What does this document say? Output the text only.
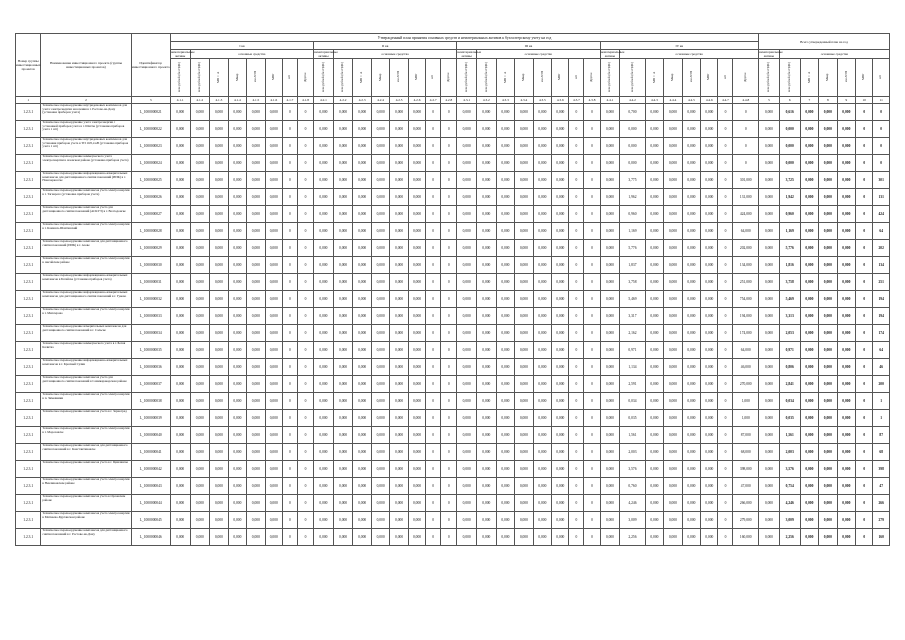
Номер группы инвестиционных проектов	Наименование инвестиционного проекта (группы инвестиционных проектов)	Идентификатор инвестиционного проекта	Утвержденный план принятия основных средств и нематериальных активов к бухгалтерскому учету на год																																Всего утвержденный план на год						
			I кв								II кв								III кв								IV кв														
			нематериальные активы	основные средства							нематериальные активы	основные средства							нематериальные активы	основные средства							нематериальные активы	основные средства							нематериальные активы	основные средства					
			млн рублей (без НДС)	млн рублей (без НДС)	МВ×А	Мвар	км ЛЭП	МВт	шт	Другое	млн рублей (без НДС)	млн рублей (без НДС)	МВ×А	Мвар	км ЛЭП	МВт	шт	Другое	млн рублей (без НДС)	млн рублей (без НДС)	МВ×А	Мвар	км ЛЭП	МВт	шт	Другое	млн рублей (без НДС)	млн рублей (без НДС)	МВ×А	Мвар	км ЛЭП	МВт	шт	Другое	млн рублей (без НДС)	млн рублей (без НДС)	МВ×А	Мвар	км ЛЭП	МВт	шт
1	2	3	4.1.1	4.1.2	4.1.3	4.1.4	4.1.5	4.1.6	4.1.7	4.1.8	4.2.1	4.2.2	4.2.3	4.2.4	4.2.5	4.2.6	4.2.7	4.2.8	4.3.1	4.3.2	4.3.3	4.3.4	4.3.5	4.3.6	4.3.7	4.3.8	4.4.1	4.4.2	4.4.3	4.4.4	4.4.5	4.4.6	4.4.7	4.4.8	5	6	7	8	9	10	11
1.2.3.1	Техническое перевооружение внутридомовых комплексов для учета электроэнергии населения в г. Ростове-на-Дону (установка приборов учета)	L_1000000021	0,000	0,000	0,000	0,000	0,000	0,000	0	0	0,000	0,000	0,000	0,000	0,000	0,000	0	0	0,000	0,000	0,000	0,000	0,000	0,000	0	0	0,000	0,700	0,000	0,000	0,000	0,000	0	0	0,000	0,616	0,000	0,000	0,000	0	0
1.2.3.1	Техническое перевооружение учета электроэнергии с установкой приборов учета в г. Шахты (установка приборов учета 1 шт)	L_1000000022	0,000	0,000	0,000	0,000	0,000	0,000	0	0	0,000	0,000	0,000	0,000	0,000	0,000	0	0	0,000	0,000	0,000	0,000	0,000	0,000	0	0	0,000	0,000	0,000	0,000	0,000	0,000	0	0	0,000	0,000	0,000	0,000	0,000	0	0
1.2.3.1	Техническое перевооружение внутридомовых комплексов для установки приборов учета в ТП 10/0,4 кВ (установка приборов учета 1 шт)	L_1000000023	0,000	0,000	0,000	0,000	0,000	0,000	0	0	0,000	0,000	0,000	0,000	0,000	0,000	0	0	0,000	0,000	0,000	0,000	0,000	0,000	0	0	0,000	0,000	0,000	0,000	0,000	0,000	0	0	0,000	0,000	0,000	0,000	0,000	0	0
1.2.3.1	Техническое перевооружение коммерческого учета электроэнергии в Азовском районе (установка приборов учета)	L_1000000024	0,000	0,000	0,000	0,000	0,000	0,000	0	0	0,000	0,000	0,000	0,000	0,000	0,000	0	0	0,000	0,000	0,000	0,000	0,000	0,000	0	0	0,000	0,000	0,000	0,000	0,000	0,000	0	0	0,000	0,000	0,000	0,000	0,000	0	0
1.2.3.1	Техническое перевооружение информационно-измерительных комплексов для дистанционного снятия показаний (ИИК) в г. Новочеркасске	L_1000000025	0,000	0,000	0,000	0,000	0,000	0,000	0	0	0,000	0,000	0,000	0,000	0,000	0,000	0	0	0,000	0,000	0,000	0,000	0,000	0,000	0	0	0,000	3,775	0,000	0,000	0,000	0,000	0	301,000	0,000	3,725	0,000	0,000	0,000	0	301
1.2.3.1	Техническое перевооружение комплексов учета электроэнергии в г. Таганроге (установка приборов учета)	L_1000000026	0,000	0,000	0,000	0,000	0,000	0,000	0	0	0,000	0,000	0,000	0,000	0,000	0,000	0	0	0,000	0,000	0,000	0,000	0,000	0,000	0	0	0,000	1,962	0,000	0,000	0,000	0,000	0	131,000	0,000	1,942	0,000	0,000	0,000	0	131
1.2.3.1	Техническое перевооружение комплексов учета для дистанционного снятия показаний (АСКУЭ) в г. Волгодонске	L_1000000027	0,000	0,000	0,000	0,000	0,000	0,000	0	0	0,000	0,000	0,000	0,000	0,000	0,000	0	0	0,000	0,000	0,000	0,000	0,000	0,000	0	0	0,000	0,960	0,000	0,000	0,000	0,000	0	424,000	0,000	0,960	0,000	0,000	0,000	0	424
1.2.3.1	Техническое перевооружение комплексов учета электроэнергии в г. Каменск-Шахтинский	L_1000000028	0,000	0,000	0,000	0,000	0,000	0,000	0	0	0,000	0,000	0,000	0,000	0,000	0,000	0	0	0,000	0,000	0,000	0,000	0,000	0,000	0	0	0,000	1,169	0,000	0,000	0,000	0,000	0	64,000	0,000	1,169	0,000	0,000	0,000	0	64
1.2.3.1	Техническое перевооружение комплексов для дистанционного снятия показаний (ИИК) в г. Азове	L_1000000029	0,000	0,000	0,000	0,000	0,000	0,000	0	0	0,000	0,000	0,000	0,000	0,000	0,000	0	0	0,000	0,000	0,000	0,000	0,000	0,000	0	0	0,000	5,776	0,000	0,000	0,000	0,000	0	202,000	0,000	5,776	0,000	0,000	0,000	0	202
1.2.3.1	Техническое перевооружение комплексов учета электроэнергии в Аксайском районе	L_1000000030	0,000	0,000	0,000	0,000	0,000	0,000	0	0	0,000	0,000	0,000	0,000	0,000	0,000	0	0	0,000	0,000	0,000	0,000	0,000	0,000	0	0	0,000	1,837	0,000	0,000	0,000	0,000	0	134,000	0,000	1,816	0,000	0,000	0,000	0	134
1.2.3.1	Техническое перевооружение информационно-измерительных комплексов в Батайске (установка приборов учета)	L_1000000031	0,000	0,000	0,000	0,000	0,000	0,000	0	0	0,000	0,000	0,000	0,000	0,000	0,000	0	0	0,000	0,000	0,000	0,000	0,000	0,000	0	0	0,000	3,758	0,000	0,000	0,000	0,000	0	251,000	0,000	3,758	0,000	0,000	0,000	0	251
1.2.3.1	Техническое перевооружение информационно-измерительных комплексов для дистанционного снятия показаний в г. Гуково	L_1000000032	0,000	0,000	0,000	0,000	0,000	0,000	0	0	0,000	0,000	0,000	0,000	0,000	0,000	0	0	0,000	0,000	0,000	0,000	0,000	0,000	0	0	0,000	5,469	0,000	0,000	0,000	0,000	0	754,000	0,000	5,469	0,000	0,000	0,000	0	194
1.2.3.1	Техническое перевооружение комплексов учета электроэнергии в г. Миллерово	L_1000000033	0,000	0,000	0,000	0,000	0,000	0,000	0	0	0,000	0,000	0,000	0,000	0,000	0,000	0	0	0,000	0,000	0,000	0,000	0,000	0,000	0	0	0,000	3,317	0,000	0,000	0,000	0,000	0	194,000	0,000	3,313	0,000	0,000	0,000	0	194
1.2.3.1	Техническое перевооружение измерительных комплексов для дистанционного снятия показаний в г. Сальске	L_1000000034	0,000	0,000	0,000	0,000	0,000	0,000	0	0	0,000	0,000	0,000	0,000	0,000	0,000	0	0	0,000	0,000	0,000	0,000	0,000	0,000	0	0	0,000	2,162	0,000	0,000	0,000	0,000	0	174,000	0,000	2,053	0,000	0,000	0,000	0	174
1.2.3.1	Техническое перевооружение коммерческого учета в г. Белая Калитва	L_1000000035	0,000	0,000	0,000	0,000	0,000	0,000	0	0	0,000	0,000	0,000	0,000	0,000	0,000	0	0	0,000	0,000	0,000	0,000	0,000	0,000	0	0	0,000	0,971	0,000	0,000	0,000	0,000	0	64,000	0,000	0,971	0,000	0,000	0,000	0	64
1.2.3.1	Техническое перевооружение информационно-измерительных комплексов в г. Красный Сулин	L_1000000036	0,000	0,000	0,000	0,000	0,000	0,000	0	0	0,000	0,000	0,000	0,000	0,000	0,000	0	0	0,000	0,000	0,000	0,000	0,000	0,000	0	0	0,000	1,134	0,000	0,000	0,000	0,000	0	46,000	0,000	0,806	0,000	0,000	0,000	0	46
1.2.3.1	Техническое перевооружение комплексов учета для дистанционного снятия показаний в Семикаракорском районе	L_1000000037	0,000	0,000	0,000	0,000	0,000	0,000	0	0	0,000	0,000	0,000	0,000	0,000	0,000	0	0	0,000	0,000	0,000	0,000	0,000	0,000	0	0	0,000	2,591	0,000	0,000	0,000	0,000	0	270,000	0,000	2,841	0,000	0,000	0,000	0	200
1.2.3.1	Техническое перевооружение комплексов учета электроэнергии в п. Зимовники	L_1000000038	0,000	0,000	0,000	0,000	0,000	0,000	0	0	0,000	0,000	0,000	0,000	0,000	0,000	0	0	0,000	0,000	0,000	0,000	0,000	0,000	0	0	0,000	0,034	0,000	0,000	0,000	0,000	0	1,000	0,000	0,034	0,000	0,000	0,000	0	1
1.2.3.1	Техническое перевооружение комплексов учета в г. Зерноград	L_1000000039	0,000	0,000	0,000	0,000	0,000	0,000	0	0	0,000	0,000	0,000	0,000	0,000	0,000	0	0	0,000	0,000	0,000	0,000	0,000	0,000	0	0	0,000	0,035	0,000	0,000	0,000	0,000	0	1,000	0,000	0,035	0,000	0,000	0,000	0	1
1.2.3.1	Техническое перевооружение комплексов учета электроэнергии в г. Морозовске	L_1000000040	0,000	0,000	0,000	0,000	0,000	0,000	0	0	0,000	0,000	0,000	0,000	0,000	0,000	0	0	0,000	0,000	0,000	0,000	0,000	0,000	0	0	0,000	1,561	0,000	0,000	0,000	0,000	0	87,000	0,000	1,561	0,000	0,000	0,000	0	87
1.2.3.1	Техническое перевооружение комплексов для дистанционного снятия показаний в г. Константиновске	L_1000000041	0,000	0,000	0,000	0,000	0,000	0,000	0	0	0,000	0,000	0,000	0,000	0,000	0,000	0	0	0,000	0,000	0,000	0,000	0,000	0,000	0	0	0,000	2,003	0,000	0,000	0,000	0,000	0	68,000	0,000	2,003	0,000	0,000	0,000	0	68
1.2.3.1	Техническое перевооружение комплексов учета в г. Цимлянске	L_1000000042	0,000	0,000	0,000	0,000	0,000	0,000	0	0	0,000	0,000	0,000	0,000	0,000	0,000	0	0	0,000	0,000	0,000	0,000	0,000	0,000	0	0	0,000	3,576	0,000	0,000	0,000	0,000	0	398,000	0,000	3,576	0,000	0,000	0,000	0	398
1.2.3.1	Техническое перевооружение комплексов учета электроэнергии в Неклиновском районе	L_1000000043	0,000	0,000	0,000	0,000	0,000	0,000	0	0	0,000	0,000	0,000	0,000	0,000	0,000	0	0	0,000	0,000	0,000	0,000	0,000	0,000	0	0	0,000	0,760	0,000	0,000	0,000	0,000	0	47,000	0,000	0,754	0,000	0,000	0,000	0	47
1.2.3.1	Техническое перевооружение комплексов учета в Орловском районе	L_1000000044	0,000	0,000	0,000	0,000	0,000	0,000	0	0	0,000	0,000	0,000	0,000	0,000	0,000	0	0	0,000	0,000	0,000	0,000	0,000	0,000	0	0	0,000	4,246	0,000	0,000	0,000	0,000	0	266,000	0,000	4,246	0,000	0,000	0,000	0	266
1.2.3.1	Техническое перевооружение комплексов учета электроэнергии в Матвеево-Курганском районе	L_1000000045	0,000	0,000	0,000	0,000	0,000	0,000	0	0	0,000	0,000	0,000	0,000	0,000	0,000	0	0	0,000	0,000	0,000	0,000	0,000	0,000	0	0	0,000	3,009	0,000	0,000	0,000	0,000	0	279,000	0,000	3,009	0,000	0,000	0,000	0	279
1.2.3.1	Техническое перевооружение комплексов для дистанционного снятия показаний в г. Ростове-на-Дону	L_1000000046	0,000	0,000	0,000	0,000	0,000	0,000	0	0	0,000	0,000	0,000	0,000	0,000	0,000	0	0	0,000	0,000	0,000	0,000	0,000	0,000	0	0	0,000	2,256	0,000	0,000	0,000	0,000	0	160,000	0,000	2,256	0,000	0,000	0,000	0	160
